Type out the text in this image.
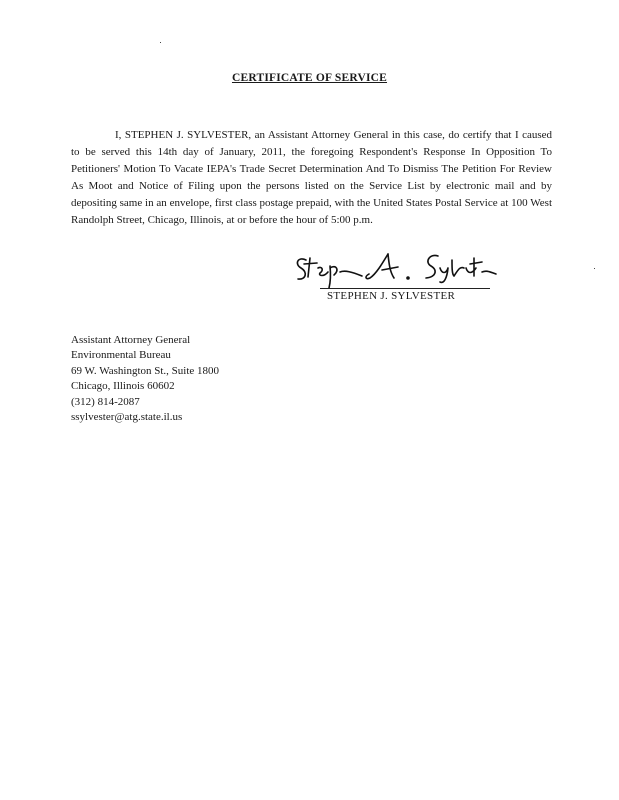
CERTIFICATE OF SERVICE

I, STEPHEN J. SYLVESTER, an Assistant Attorney General in this case, do certify that I caused to be served this 14th day of January, 2011, the foregoing Respondent's Response In Opposition To Petitioners' Motion To Vacate IEPA's Trade Secret Determination And To Dismiss The Petition For Review As Moot and Notice of Filing upon the persons listed on the Service List by electronic mail and by depositing same in an envelope, first class postage prepaid, with the United States Postal Service at 100 West Randolph Street, Chicago, Illinois, at or before the hour of 5:00 p.m.

STEPHEN J. SYLVESTER
Assistant Attorney General
Environmental Bureau
69 W. Washington St., Suite 1800
Chicago, Illinois 60602
(312) 814-2087
ssylvester@atg.state.il.us
